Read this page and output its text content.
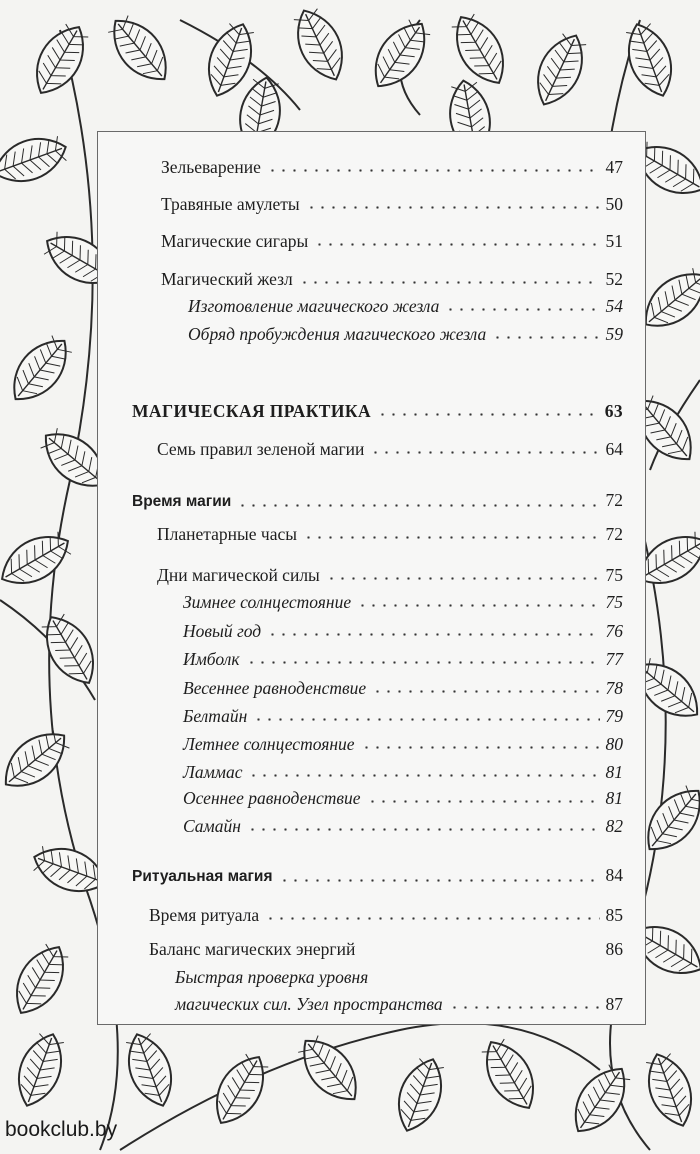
Зельеварение	47
Травяные амулеты	50
Магические сигары	51
Магический жезл	52
Изготовление магического жезла	54
Обряд пробуждения магического жезла	59
МАГИЧЕСКАЯ ПРАКТИКА	63
Семь правил зеленой магии	64
Время магии	72
Планетарные часы	72
Дни магической силы	75
Зимнее солнцестояние	75
Новый год	76
Имболк	77
Весеннее равноденствие	78
Белтайн	79
Летнее солнцестояние	80
Ламмас	81
Осеннее равноденствие	81
Самайн	82
Ритуальная магия	84
Время ритуала	85
Баланс магических энергий	86
Быстрая проверка уровня
магических сил. Узел пространства	87
bookclub.by
